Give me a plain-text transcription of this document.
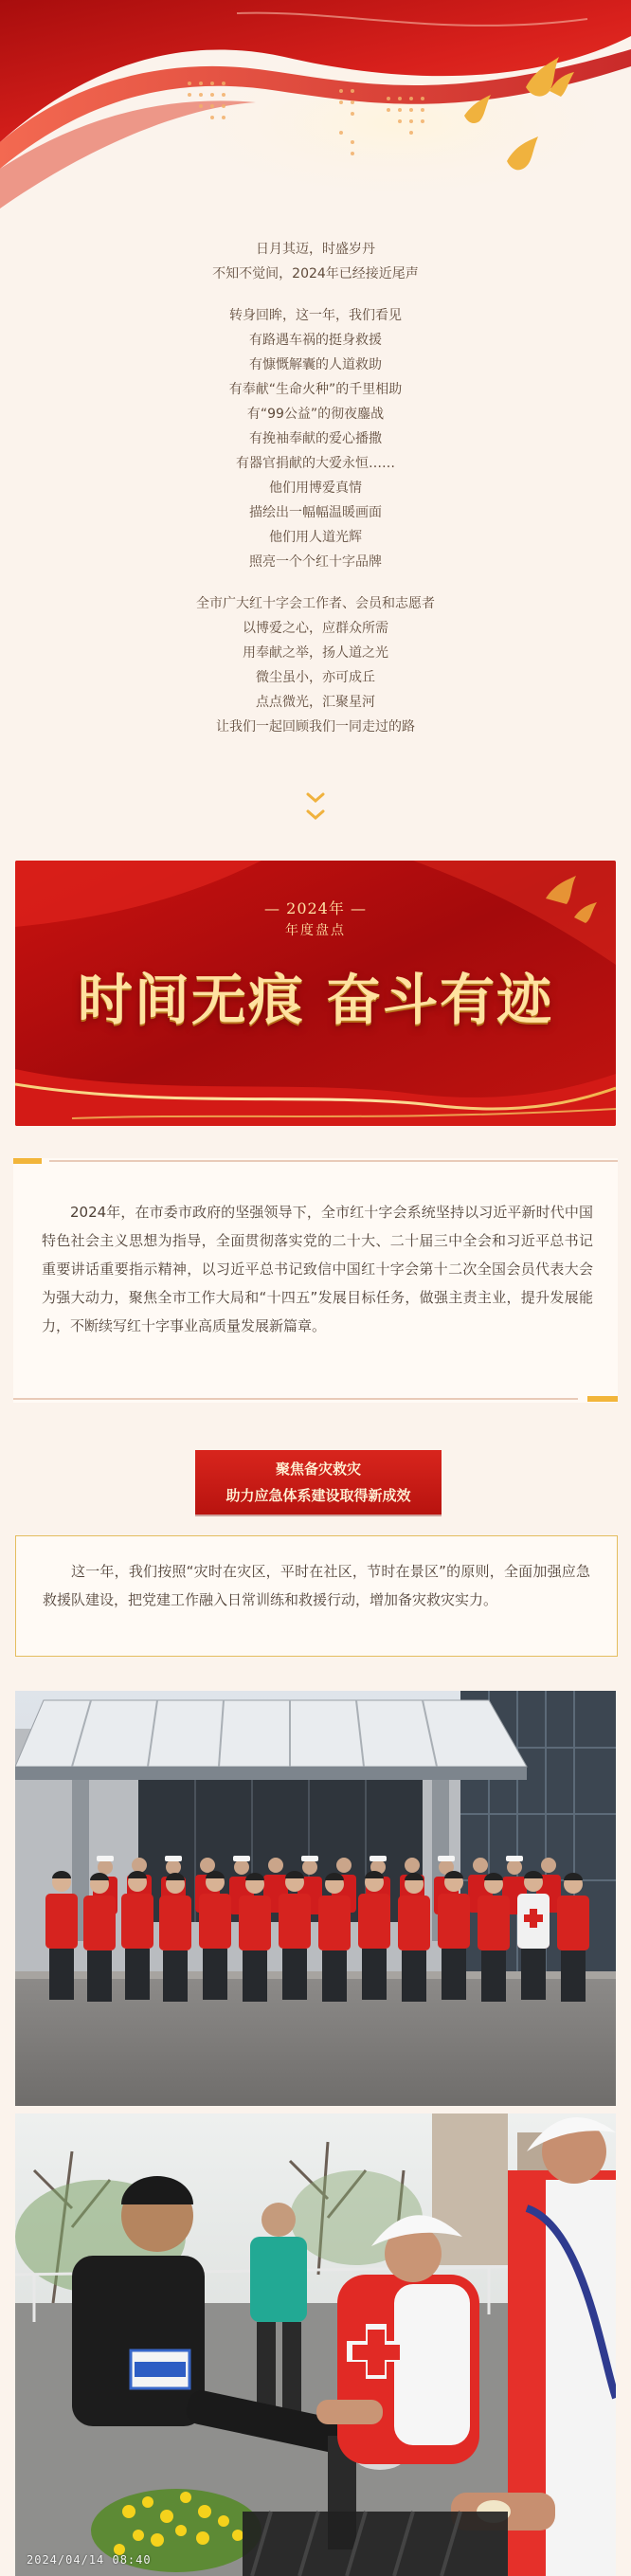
日月其迈，时盛岁丹
不知不觉间，2024年已经接近尾声
转身回眸，这一年，我们看见
有路遇车祸的挺身救援
有慷慨解囊的人道救助
有奉献“生命火种”的千里相助
有“99公益”的彻夜鏖战
有挽袖奉献的爱心播撒
有器官捐献的大爱永恒……
他们用博爱真情
描绘出一幅幅温暖画面
他们用人道光辉
照亮一个个红十字品牌
全市广大红十字会工作者、会员和志愿者
以博爱之心，应群众所需
用奉献之举，扬人道之光
微尘虽小，亦可成丘
点点微光，汇聚星河
让我们一起回顾我们一同走过的路
— 2024年 —
年度盘点
时间无痕 奋斗有迹
2024年，在市委市政府的坚强领导下，全市红十字会系统坚持以习近平新时代中国特色社会主义思想为指导，全面贯彻落实党的二十大、二十届三中全会和习近平总书记重要讲话重要指示精神，以习近平总书记致信中国红十字会第十二次全国会员代表大会为强大动力，聚焦全市工作大局和“十四五”发展目标任务，做强主责主业，提升发展能力，不断续写红十字事业高质量发展新篇章。
聚焦备灾救灾
助力应急体系建设取得新成效
这一年，我们按照“灾时在灾区，平时在社区，节时在景区”的原则，全面加强应急救援队建设，把党建工作融入日常训练和救援行动，增加备灾救灾实力。
2024/04/14 08:40
